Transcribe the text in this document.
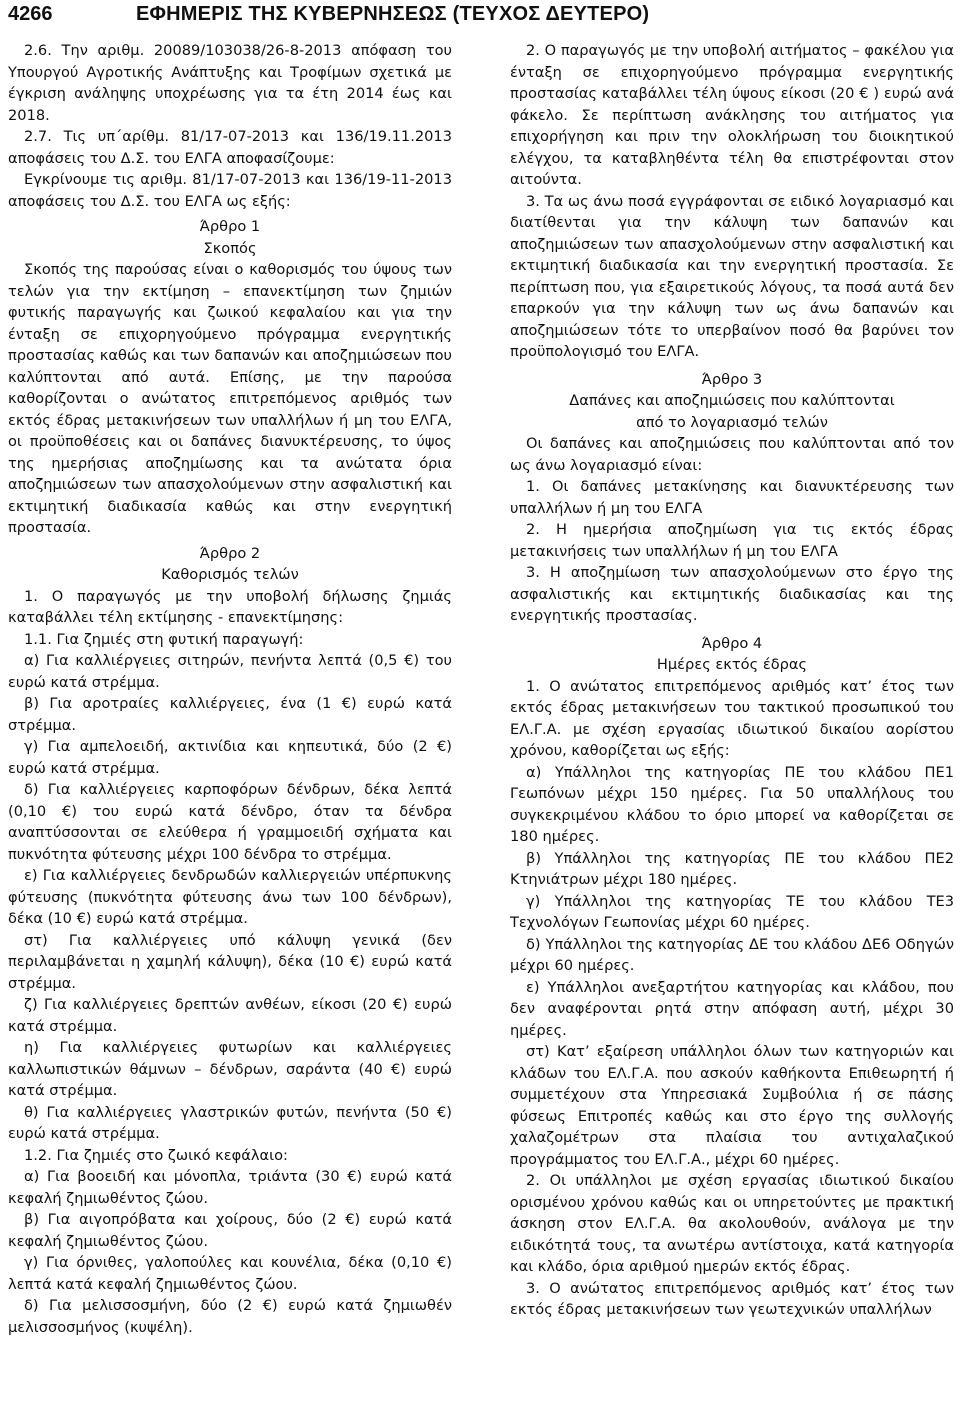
4266	ΕΦΗΜΕΡΙΣ ΤΗΣ ΚΥΒΕΡΝΗΣΕΩΣ (ΤΕΥΧΟΣ ΔΕΥΤΕΡΟ)

2.6. Την αριθμ. 20089/103038/26-8-2013 απόφαση του Υπουργού Αγροτικής Ανάπτυξης και Τροφίμων σχετικά με έγκριση ανάληψης υποχρέωσης για τα έτη 2014 έως και 2018.

2.7. Τις υπ΄αρίθμ. 81/17-07-2013 και 136/19.11.2013 αποφάσεις του Δ.Σ. του ΕΛΓΑ αποφασίζουμε:

Εγκρίνουμε τις αριθμ. 81/17-07-2013 και 136/19-11-2013 αποφάσεις του Δ.Σ. του ΕΛΓΑ ως εξής:

Άρθρο 1

Σκοπός

Σκοπός της παρούσας είναι ο καθορισμός του ύψους των τελών για την εκτίμηση – επανεκτίμηση των ζημιών φυτικής παραγωγής και ζωικού κεφαλαίου και για την ένταξη σε επιχορηγούμενο πρόγραμμα ενεργητικής προστασίας καθώς και των δαπανών και αποζημιώσεων που καλύπτονται από αυτά. Επίσης, με την παρούσα καθορίζονται ο ανώτατος επιτρεπόμενος αριθμός των εκτός έδρας μετακινήσεων των υπαλλήλων ή μη του ΕΛΓΑ, οι προϋποθέσεις και οι δαπάνες διανυκτέρευσης, το ύψος της ημερήσιας αποζημίωσης και τα ανώτατα όρια αποζημιώσεων των απασχολούμενων στην ασφαλιστική και εκτιμητική διαδικασία καθώς και στην ενεργητική προστασία.

Άρθρο 2

Καθορισμός τελών

1. Ο παραγωγός με την υποβολή δήλωσης ζημιάς καταβάλλει τέλη εκτίμησης - επανεκτίμησης:

1.1. Για ζημιές στη φυτική παραγωγή:

α) Για καλλιέργειες σιτηρών, πενήντα λεπτά (0,5 €) του ευρώ κατά στρέμμα.

β) Για αροτραίες καλλιέργειες, ένα (1 €) ευρώ κατά στρέμμα.

γ) Για αμπελοειδή, ακτινίδια και κηπευτικά, δύο (2 €) ευρώ κατά στρέμμα.

δ) Για καλλιέργειες καρποφόρων δένδρων, δέκα λεπτά (0,10 €) του ευρώ κατά δένδρο, όταν τα δένδρα αναπτύσσονται σε ελεύθερα ή γραμμοειδή σχήματα και πυκνότητα φύτευσης μέχρι 100 δένδρα το στρέμμα.

ε) Για καλλιέργειες δενδρωδών καλλιεργειών υπέρπυκνης φύτευσης (πυκνότητα φύτευσης άνω των 100 δένδρων), δέκα (10 €) ευρώ κατά στρέμμα.

στ) Για καλλιέργειες υπό κάλυψη γενικά (δεν περιλαμβάνεται η χαμηλή κάλυψη), δέκα (10 €) ευρώ κατά στρέμμα.

ζ) Για καλλιέργειες δρεπτών ανθέων, είκοσι (20 €) ευρώ κατά στρέμμα.

η) Για καλλιέργειες φυτωρίων και καλλιέργειες καλλωπιστικών θάμνων – δένδρων, σαράντα (40 €) ευρώ κατά στρέμμα.

θ) Για καλλιέργειες γλαστρικών φυτών, πενήντα (50 €) ευρώ κατά στρέμμα.

1.2. Για ζημιές στο ζωικό κεφάλαιο:

α) Για βοοειδή και μόνοπλα, τριάντα (30 €) ευρώ κατά κεφαλή ζημιωθέντος ζώου.

β) Για αιγοπρόβατα και χοίρους, δύο (2 €) ευρώ κατά κεφαλή ζημιωθέντος ζώου.

γ) Για όρνιθες, γαλοπούλες και κουνέλια, δέκα (0,10 €) λεπτά κατά κεφαλή ζημιωθέντος ζώου.

δ) Για μελισσοσμήνη, δύο (2 €) ευρώ κατά ζημιωθέν μελισσοσμήνος (κυψέλη).

2. Ο παραγωγός με την υποβολή αιτήματος – φακέλου για ένταξη σε επιχορηγούμενο πρόγραμμα ενεργητικής προστασίας καταβάλλει τέλη ύψους είκοσι (20 € ) ευρώ ανά φάκελο. Σε περίπτωση ανάκλησης του αιτήματος για επιχορήγηση και πριν την ολοκλήρωση του διοικητικού ελέγχου, τα καταβληθέντα τέλη θα επιστρέφονται στον αιτούντα.

3. Τα ως άνω ποσά εγγράφονται σε ειδικό λογαριασμό και διατίθενται για την κάλυψη των δαπανών και αποζημιώσεων των απασχολούμενων στην ασφαλιστική και εκτιμητική διαδικασία και την ενεργητική προστασία. Σε περίπτωση που, για εξαιρετικούς λόγους, τα ποσά αυτά δεν επαρκούν για την κάλυψη των ως άνω δαπανών και αποζημιώσεων τότε το υπερβαίνον ποσό θα βαρύνει τον προϋπολογισμό του ΕΛΓΑ.

Άρθρο 3

Δαπάνες και αποζημιώσεις που καλύπτονται

από το λογαριασμό τελών

Οι δαπάνες και αποζημιώσεις που καλύπτονται από τον ως άνω λογαριασμό είναι:

1. Οι δαπάνες μετακίνησης και διανυκτέρευσης των υπαλλήλων ή μη του ΕΛΓΑ

2. Η ημερήσια αποζημίωση για τις εκτός έδρας μετακινήσεις των υπαλλήλων ή μη του ΕΛΓΑ

3. Η αποζημίωση των απασχολούμενων στο έργο της ασφαλιστικής και εκτιμητικής διαδικασίας και της ενεργητικής προστασίας.

Άρθρο 4

Ημέρες εκτός έδρας

1. Ο ανώτατος επιτρεπόμενος αριθμός κατ’ έτος των εκτός έδρας μετακινήσεων του τακτικού προσωπικού του ΕΛ.Γ.Α. με σχέση εργασίας ιδιωτικού δικαίου αορίστου χρόνου, καθορίζεται ως εξής:

α) Υπάλληλοι της κατηγορίας ΠΕ του κλάδου ΠΕ1 Γεωπόνων μέχρι 150 ημέρες. Για 50 υπαλλήλους του συγκεκριμένου κλάδου το όριο μπορεί να καθορίζεται σε 180 ημέρες.

β) Υπάλληλοι της κατηγορίας ΠΕ του κλάδου ΠΕ2 Κτηνιάτρων μέχρι 180 ημέρες.

γ) Υπάλληλοι της κατηγορίας ΤΕ του κλάδου ΤΕ3 Τεχνολόγων Γεωπονίας μέχρι 60 ημέρες.

δ) Υπάλληλοι της κατηγορίας ΔΕ του κλάδου ΔΕ6 Οδηγών μέχρι 60 ημέρες.

ε) Υπάλληλοι ανεξαρτήτου κατηγορίας και κλάδου, που δεν αναφέρονται ρητά στην απόφαση αυτή, μέχρι 30 ημέρες.

στ) Κατ’ εξαίρεση υπάλληλοι όλων των κατηγοριών και κλάδων του ΕΛ.Γ.Α. που ασκούν καθήκοντα Επιθεωρητή ή συμμετέχουν στα Υπηρεσιακά Συμβούλια ή σε πάσης φύσεως Επιτροπές καθώς και στο έργο της συλλογής χαλαζομέτρων στα πλαίσια του αντιχαλαζικού προγράμματος του ΕΛ.Γ.Α., μέχρι 60 ημέρες.

2. Οι υπάλληλοι με σχέση εργασίας ιδιωτικού δικαίου ορισμένου χρόνου καθώς και οι υπηρετούντες με πρακτική άσκηση στον ΕΛ.Γ.Α. θα ακολουθούν, ανάλογα με την ειδικότητά τους, τα ανωτέρω αντίστοιχα, κατά κατηγορία και κλάδο, όρια αριθμού ημερών εκτός έδρας.

3. Ο ανώτατος επιτρεπόμενος αριθμός κατ’ έτος των εκτός έδρας μετακινήσεων των γεωτεχνικών υπαλλήλων
